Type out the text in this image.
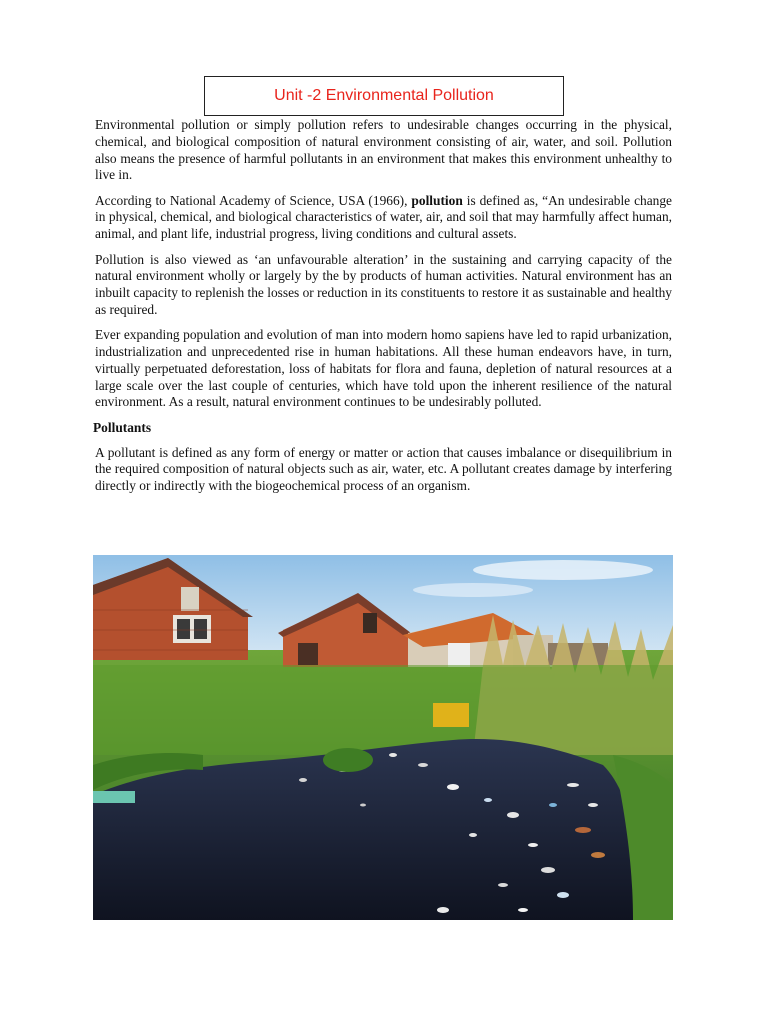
Unit -2 Environmental Pollution

Environmental pollution or simply pollution refers to undesirable changes occurring in the physical, chemical, and biological composition of natural environment consisting of air, water, and soil. Pollution also means the presence of harmful pollutants in an environment that makes this environment unhealthy to live in.

According to National Academy of Science, USA (1966), pollution is defined as, “An undesirable change in physical, chemical, and biological characteristics of water, air, and soil that may harmfully affect human, animal, and plant life, industrial progress, living conditions and cultural assets.

Pollution is also viewed as ‘an unfavourable alteration’ in the sustaining and carrying capacity of the natural environment wholly or largely by the by products of human activities. Natural environment has an inbuilt capacity to replenish the losses or reduction in its constituents to restore it as sustainable and healthy as required.

Ever expanding population and evolution of man into modern homo sapiens have led to rapid urbanization, industrialization and unprecedented rise in human habitations. All these human endeavors have, in turn, virtually perpetuated deforestation, loss of habitats for flora and fauna, depletion of natural resources at a large scale over the last couple of centuries, which have told upon the inherent resilience of the natural environment. As a result, natural environment continues to be undesirably polluted.

Pollutants

A pollutant is defined as any form of energy or matter or action that causes imbalance or disequilibrium in the required composition of natural objects such as air, water, etc. A pollutant creates damage by interfering directly or indirectly with the biogeochemical process of an organism.
